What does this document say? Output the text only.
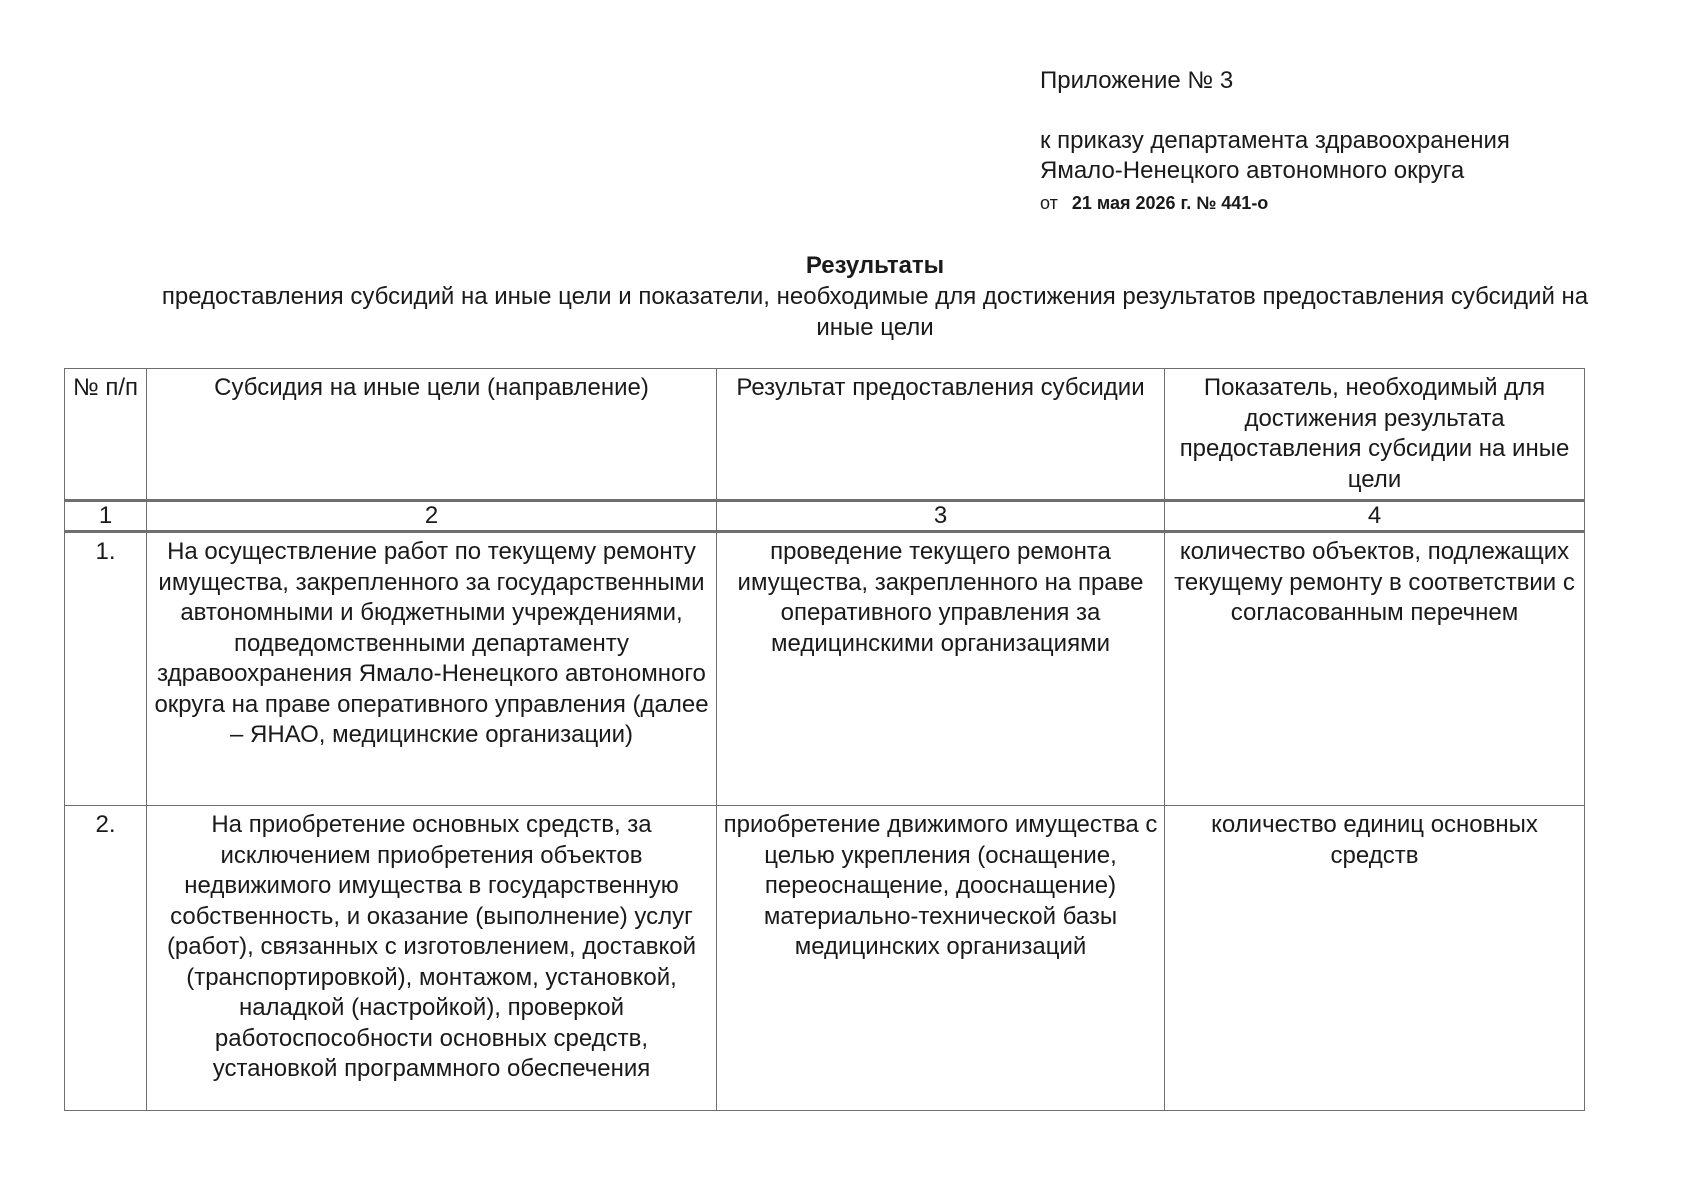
Приложение № 3
к приказу департамента здравоохранения
Ямало-Ненецкого автономного округа
от 21 мая 2026 г. № 441-о
Результаты
предоставления субсидий на иные цели и показатели, необходимые для достижения результатов предоставления субсидий на иные цели
№ п/п	Субсидия на иные цели (направление)	Результат предоставления субсидии	Показатель, необходимый для достижения результата предоставления субсидии на иные цели
1	2	3	4
1.	На осуществление работ по текущему ремонту имущества, закрепленного за государственными автономными и бюджетными учреждениями, подведомственными департаменту здравоохранения Ямало-Ненецкого автономного округа на праве оперативного управления (далее – ЯНАО, медицинские организации)	проведение текущего ремонта имущества, закрепленного на праве оперативного управления за медицинскими организациями	количество объектов, подлежащих текущему ремонту в соответствии с согласованным перечнем
2.	На приобретение основных средств, за исключением приобретения объектов недвижимого имущества в государственную собственность, и оказание (выполнение) услуг (работ), связанных с изготовлением, доставкой (транспортировкой), монтажом, установкой, наладкой (настройкой), проверкой работоспособности основных средств, установкой программного обеспечения	приобретение движимого имущества с целью укрепления (оснащение, переоснащение, дооснащение) материально-технической базы медицинских организаций	количество единиц основных средств
